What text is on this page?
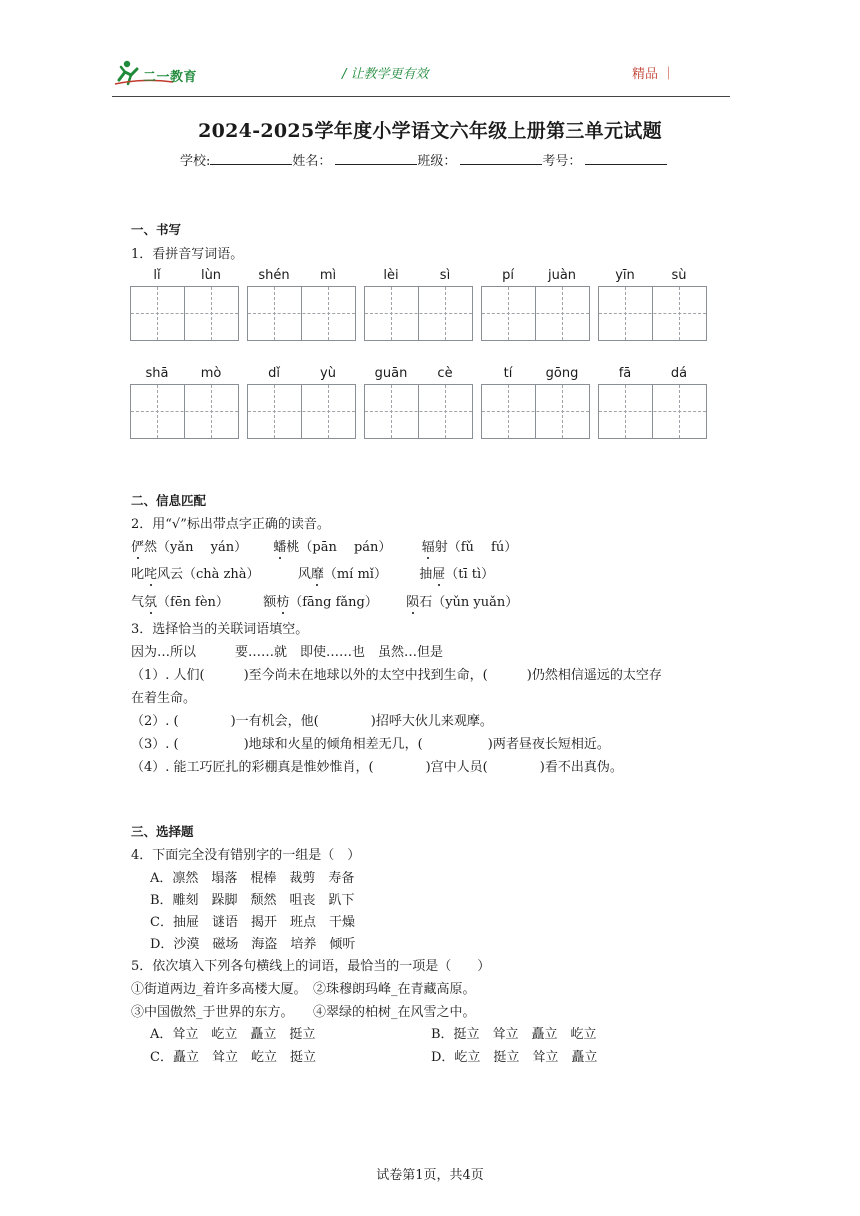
二一教育	/ 让教学更有效	精品 ｜
2024-2025学年度小学语文六年级上册第三单元试题
学校:	姓名：	班级：	考号：
一、书写
1．看拼音写词语。
lǐ	lùn	shén	mì	lèi	sì	pí	juàn	yīn	sù
shā	mò	dǐ	yù	guān	cè	tí	gōng	fā	dá
二、信息匹配
2．用“√”标出带点字正确的读音。
俨然（yǎn　 yán） 蟠桃（pān　 pán） 辐射（fǔ　 fú）
叱咤风云（chà zhà）	风靡（mí mǐ） 抽屉（tī tì）
气氛（fēn fèn）	额枋（fāng fǎng） 陨石（yǔn yuǎn）
3．选择恰当的关联词语填空。
因为…所以　　　要……就　即使……也　虽然…但是
（1）. 人们(　　　)至今尚未在地球以外的太空中找到生命，(　　　)仍然相信遥远的太空存
在着生命。
（2）. (　　　　)一有机会，他(　　　　)招呼大伙儿来观摩。
（3）. (　　　　　)地球和火星的倾角相差无几，(　　　　　)两者昼夜长短相近。
（4）. 能工巧匠扎的彩棚真是惟妙惟肖，(　　　　)宫中人员(　　　　)看不出真伪。
三、选择题
4．下面完全没有错别字的一组是（　）
A．凛然　塌落　棍棒　裁剪　寿备
B．雕刻　跺脚　颓然　咀丧　趴下
C．抽屉　谜语　揭开　班点　干燥
D．沙漠　磁场　海盗　培养　倾听
5．依次填入下列各句横线上的词语，最恰当的一项是（　　）
①街道两边_着许多高楼大厦。　②珠穆朗玛峰_在青藏高原。
③中国傲然_于世界的东方。　　④翠绿的柏树_在风雪之中。
A．耸立　屹立　矗立　挺立	B．挺立　耸立　矗立　屹立
C．矗立　耸立　屹立　挺立	D．屹立　挺立　耸立　矗立
试卷第1页，共4页
